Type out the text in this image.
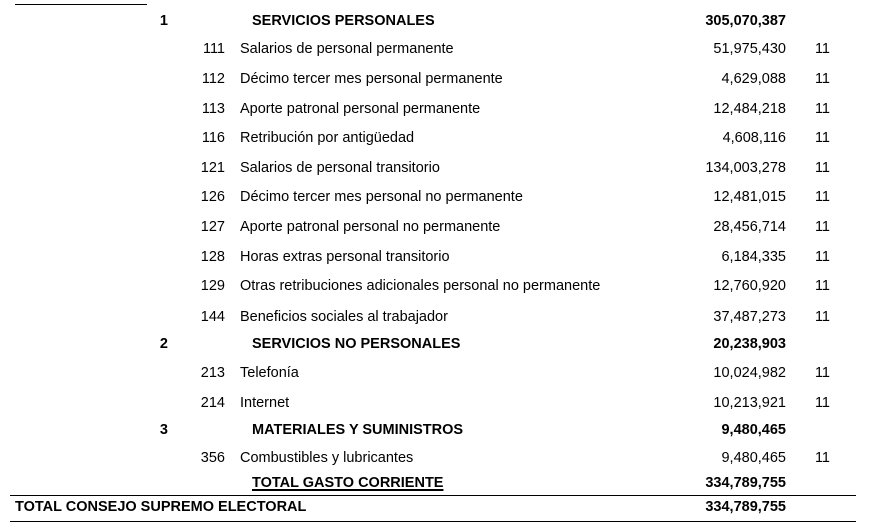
1	SERVICIOS PERSONALES	305,070,387
111 Salarios de personal permanente	51,975,430	11
112 Décimo tercer mes personal permanente	4,629,088	11
113 Aporte patronal personal permanente	12,484,218	11
116 Retribución por antigüedad	4,608,116	11
121 Salarios de personal transitorio	134,003,278	11
126 Décimo tercer mes personal no permanente	12,481,015	11
127 Aporte patronal personal no permanente	28,456,714	11
128 Horas extras personal transitorio	6,184,335	11
129 Otras retribuciones adicionales personal no permanente	12,760,920	11
144 Beneficios sociales al trabajador	37,487,273	11
2	SERVICIOS NO PERSONALES	20,238,903
213 Telefonía	10,024,982	11
214 Internet	10,213,921	11
3	MATERIALES Y SUMINISTROS	9,480,465
356 Combustibles y lubricantes	9,480,465	11
TOTAL GASTO CORRIENTE	334,789,755
TOTAL CONSEJO SUPREMO ELECTORAL	334,789,755
